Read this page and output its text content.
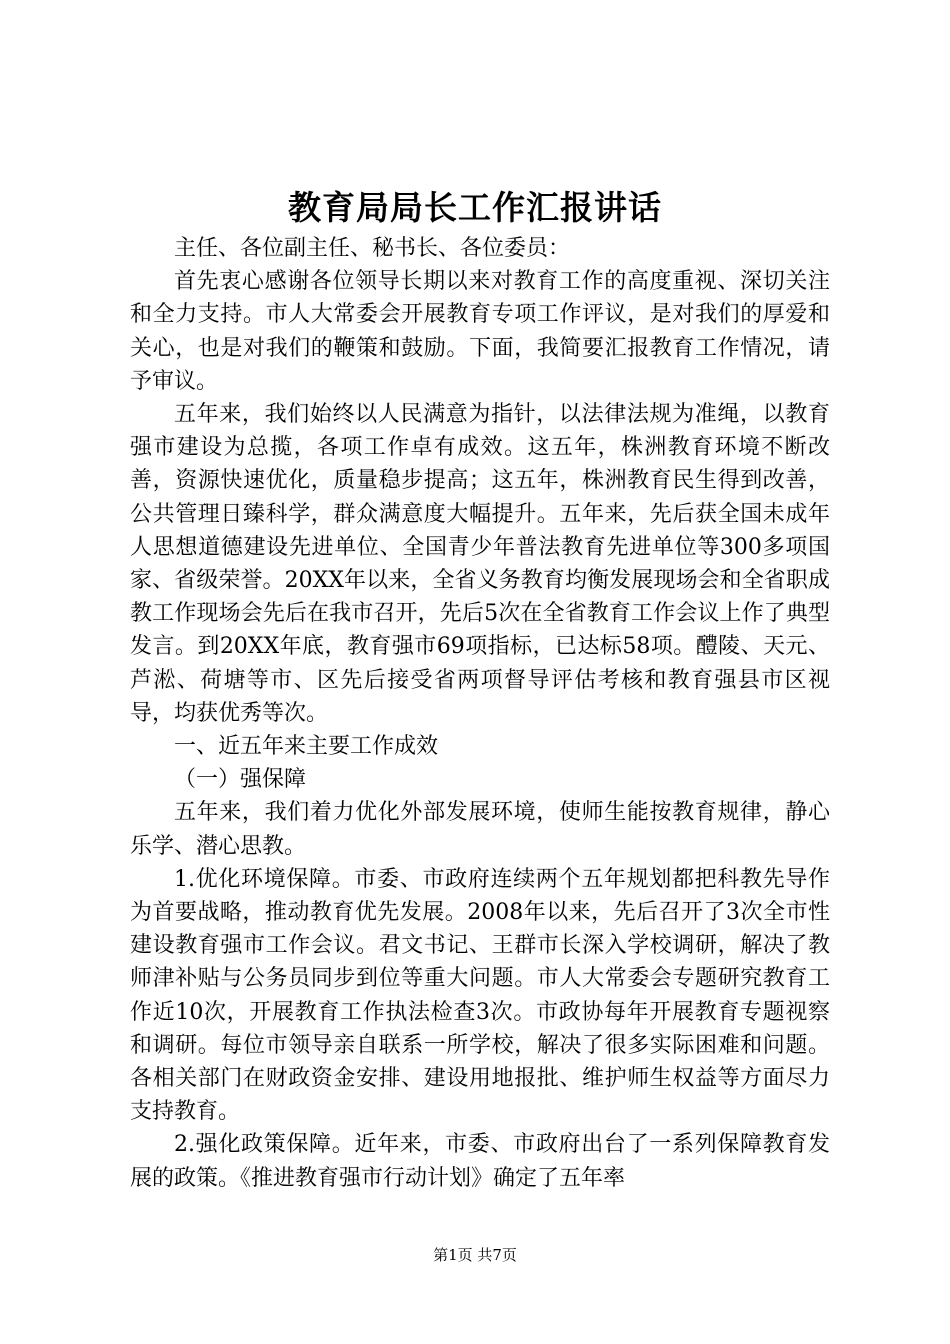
教育局局长工作汇报讲话

主任、各位副主任、秘书长、各位委员：

首先衷心感谢各位领导长期以来对教育工作的高度重视、深切关注和全力支持。市人大常委会开展教育专项工作评议，是对我们的厚爱和关心，也是对我们的鞭策和鼓励。下面，我简要汇报教育工作情况，请予审议。

五年来，我们始终以人民满意为指针，以法律法规为准绳，以教育强市建设为总揽，各项工作卓有成效。这五年，株洲教育环境不断改善，资源快速优化，质量稳步提高；这五年，株洲教育民生得到改善，公共管理日臻科学，群众满意度大幅提升。五年来，先后获全国未成年人思想道德建设先进单位、全国青少年普法教育先进单位等300多项国家、省级荣誉。20XX年以来，全省义务教育均衡发展现场会和全省职成教工作现场会先后在我市召开，先后5次在全省教育工作会议上作了典型发言。到20XX年底，教育强市69项指标，已达标58项。醴陵、天元、芦淞、荷塘等市、区先后接受省两项督导评估考核和教育强县市区视导，均获优秀等次。

一、近五年来主要工作成效

（一）强保障

五年来，我们着力优化外部发展环境，使师生能按教育规律，静心乐学、潜心思教。

1.优化环境保障。市委、市政府连续两个五年规划都把科教先导作为首要战略，推动教育优先发展。2008年以来，先后召开了3次全市性建设教育强市工作会议。君文书记、王群市长深入学校调研，解决了教师津补贴与公务员同步到位等重大问题。市人大常委会专题研究教育工作近10次，开展教育工作执法检查3次。市政协每年开展教育专题视察和调研。每位市领导亲自联系一所学校，解决了很多实际困难和问题。各相关部门在财政资金安排、建设用地报批、维护师生权益等方面尽力支持教育。

2.强化政策保障。近年来，市委、市政府出台了一系列保障教育发展的政策。《推进教育强市行动计划》确定了五年率

第1页 共7页
